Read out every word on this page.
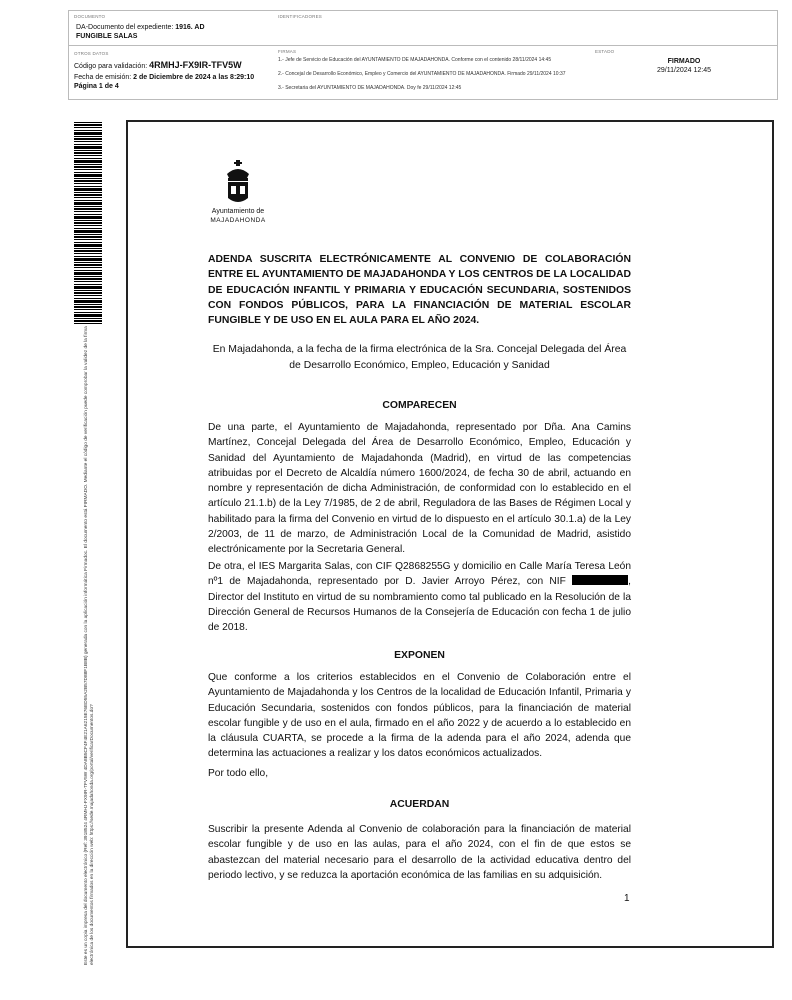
DOCUMENTO
DA-Documento del expediente: 1916. AD
FUNGIBLE SALAS
IDENTIFICADORES
OTROS DATOS
Código para validación: 4RMHJ-FX9IR-TFV5W
Fecha de emisión: 2 de Diciembre de 2024 a las 8:29:10
Página 1 de 4
FIRMAS
1.- Jefe de Servicio de Educación del AYUNTAMIENTO DE MAJADAHONDA. Conforme con el contenido 28/11/2024 14:45
2.- Concejal de Desarrollo Económico, Empleo y Comercio del AYUNTAMIENTO DE MAJADAHONDA. Firmado 29/11/2024 10:37
3.- Secretaria del AYUNTAMIENTO DE MAJADAHONDA. Doy fe 29/11/2024 12:45
ESTADO
FIRMADO
29/11/2024 12:45
Este es un copia impresa del documento electrónico (Ref: 3918524 4RMHJ-FX9IR-TFV5W 4DA8B5CF4F4E21A6215E76ED55A2B57D88F1B8B) generada con la aplicación informática Firmadoc. El documento está FIRMADO. Mediante el código de verificación puede comprobar la validez de la firma electrónica de los documentos firmados en la dirección web: https://sede.majadahonda.org/portal/verificarDocumentos.do?
Ayuntamiento de
MAJADAHONDA
ADENDA SUSCRITA ELECTRÓNICAMENTE AL CONVENIO DE COLABORACIÓN ENTRE EL AYUNTAMIENTO DE MAJADAHONDA Y LOS CENTROS DE LA LOCALIDAD DE EDUCACIÓN INFANTIL Y PRIMARIA Y EDUCACIÓN SECUNDARIA, SOSTENIDOS CON FONDOS PÚBLICOS, PARA LA FINANCIACIÓN DE MATERIAL ESCOLAR FUNGIBLE Y DE USO EN EL AULA PARA EL AÑO 2024.
En Majadahonda, a la fecha de la firma electrónica de la Sra. Concejal Delegada del Área de Desarrollo Económico, Empleo, Educación y Sanidad
COMPARECEN
De una parte, el Ayuntamiento de Majadahonda, representado por Dña. Ana Camins Martínez, Concejal Delegada del Área de Desarrollo Económico, Empleo, Educación y Sanidad del Ayuntamiento de Majadahonda (Madrid), en virtud de las competencias atribuidas por el Decreto de Alcaldía número 1600/2024, de fecha 30 de abril, actuando en nombre y representación de dicha Administración, de conformidad con lo establecido en el artículo 21.1.b) de la Ley 7/1985, de 2 de abril, Reguladora de las Bases de Régimen Local y habilitado para la firma del Convenio en virtud de lo dispuesto en el artículo 30.1.a) de la Ley 2/2003, de 11 de marzo, de Administración Local de la Comunidad de Madrid, asistido electrónicamente por la Secretaria General.
De otra, el IES Margarita Salas, con CIF Q2868255G y domicilio en Calle María Teresa León nº1 de Majadahonda, representado por D. Javier Arroyo Pérez, con NIF	, Director del Instituto en virtud de su nombramiento como tal publicado en la Resolución de la Dirección General de Recursos Humanos de la Consejería de Educación con fecha 1 de julio de 2018.
EXPONEN
Que conforme a los criterios establecidos en el Convenio de Colaboración entre el Ayuntamiento de Majadahonda y los Centros de la localidad de Educación Infantil, Primaria y Educación Secundaria, sostenidos con fondos públicos, para la financiación de material escolar fungible y de uso en el aula, firmado en el año 2022 y de acuerdo a lo establecido en la cláusula CUARTA, se procede a la firma de la adenda para el año 2024, adenda que determina las actuaciones a realizar y los datos económicos actualizados.
Por todo ello,
ACUERDAN
Suscribir la presente Adenda al Convenio de colaboración para la financiación de material escolar fungible y de uso en las aulas, para el año 2024, con el fin de que estos se abastezcan del material necesario para el desarrollo de la actividad educativa dentro del periodo lectivo, y se reduzca la aportación económica de las familias en su adquisición.
1
